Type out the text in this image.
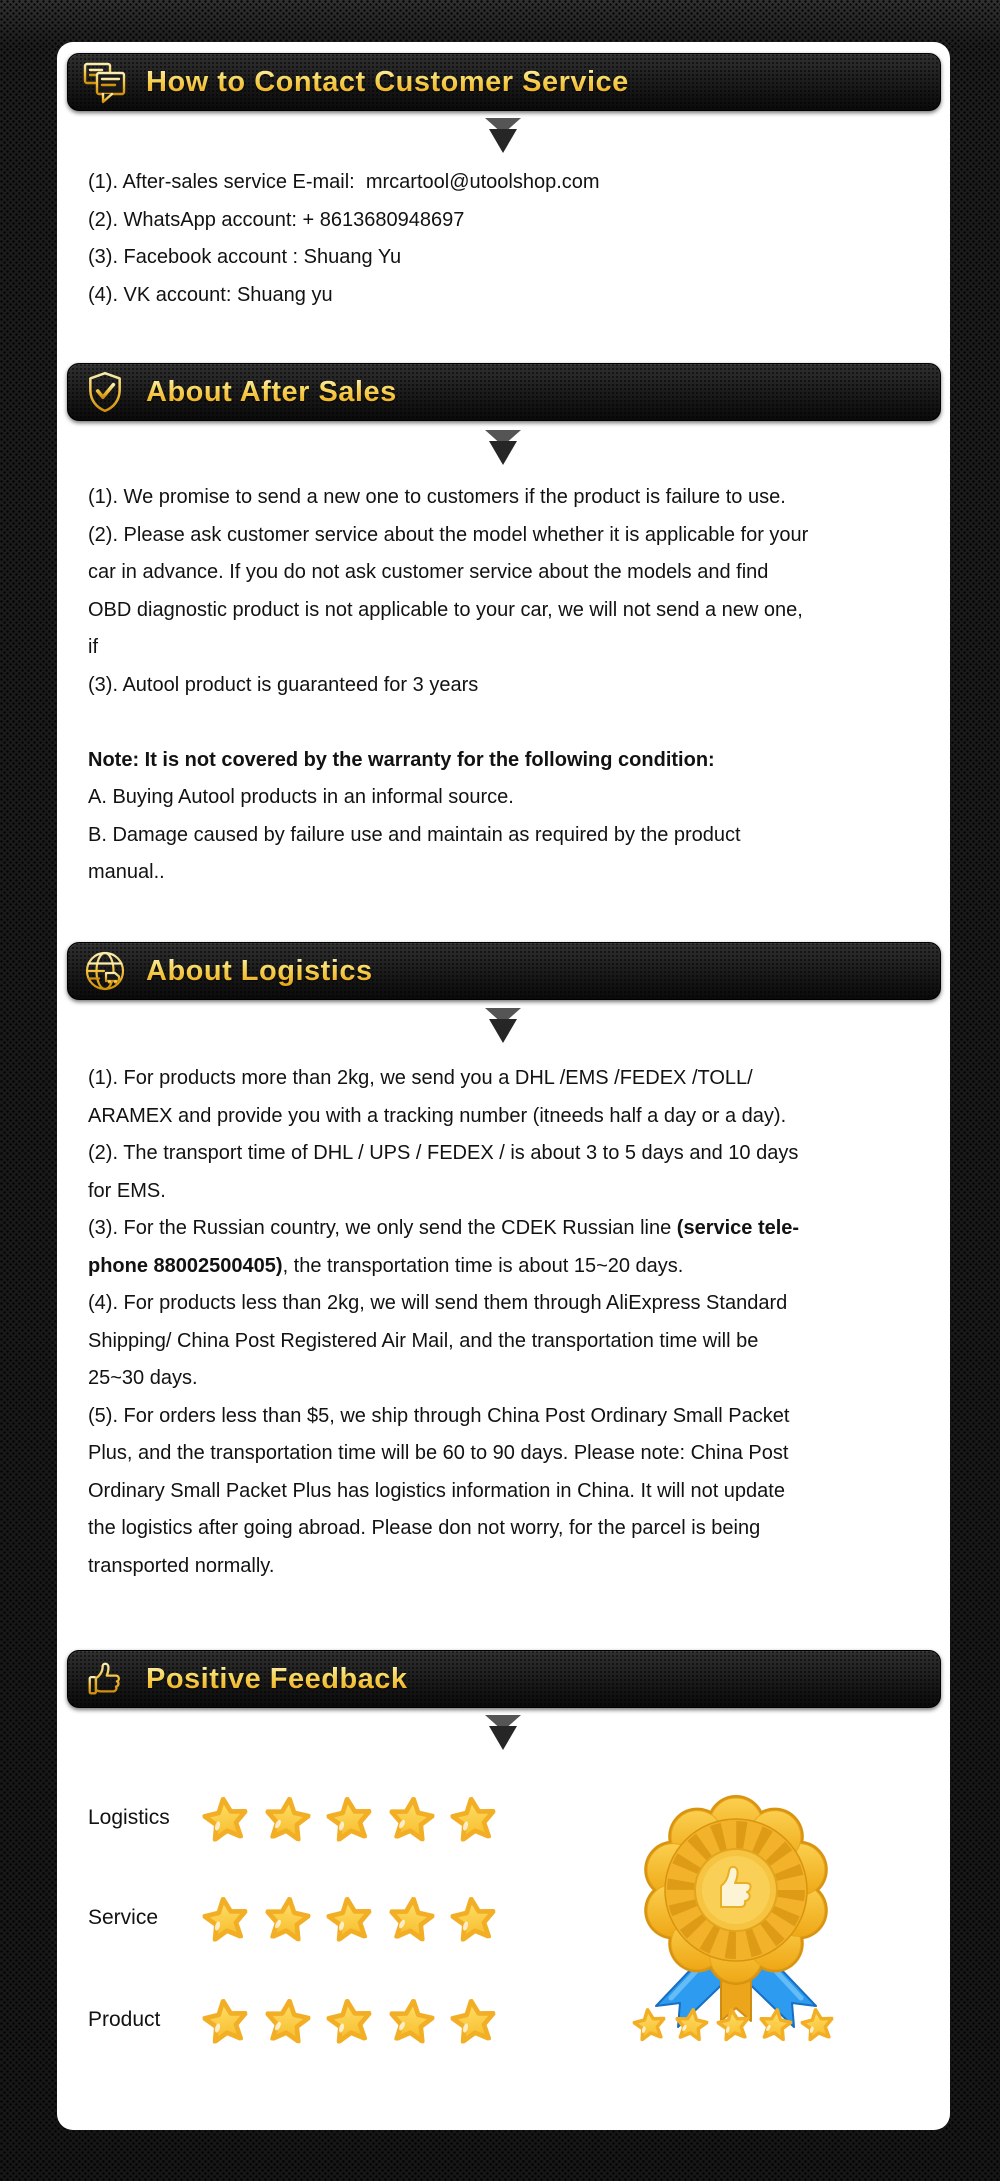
How to Contact Customer Service
(1). After-sales service E-mail:  mrcartool@utoolshop.com
(2). WhatsApp account: + 8613680948697
(3). Facebook account : Shuang Yu
(4). VK account: Shuang yu
About After Sales
(1). We promise to send a new one to customers if the product is failure to use.
(2). Please ask customer service about the model whether it is applicable for your
car in advance. If you do not ask customer service about the models and find
OBD diagnostic product is not applicable to your car, we will not send a new one,
if
(3). Autool product is guaranteed for 3 years
Note: It is not covered by the warranty for the following condition:
A. Buying Autool products in an informal source.
B. Damage caused by failure use and maintain as required by the product
manual..
About Logistics
(1). For products more than 2kg, we send you a DHL /EMS /FEDEX /TOLL/
ARAMEX and provide you with a tracking number (itneeds half a day or a day).
(2). The transport time of DHL / UPS / FEDEX / is about 3 to 5 days and 10 days
for EMS.
(3). For the Russian country, we only send the CDEK Russian line (service tele-
phone 88002500405), the transportation time is about 15~20 days.
(4). For products less than 2kg, we will send them through AliExpress Standard
Shipping/ China Post Registered Air Mail, and the transportation time will be
25~30 days.
(5). For orders less than $5, we ship through China Post Ordinary Small Packet
Plus, and the transportation time will be 60 to 90 days. Please note: China Post
Ordinary Small Packet Plus has logistics information in China. It will not update
the logistics after going abroad. Please don not worry, for the parcel is being
transported normally.
Positive Feedback
Logistics
Service
Product
